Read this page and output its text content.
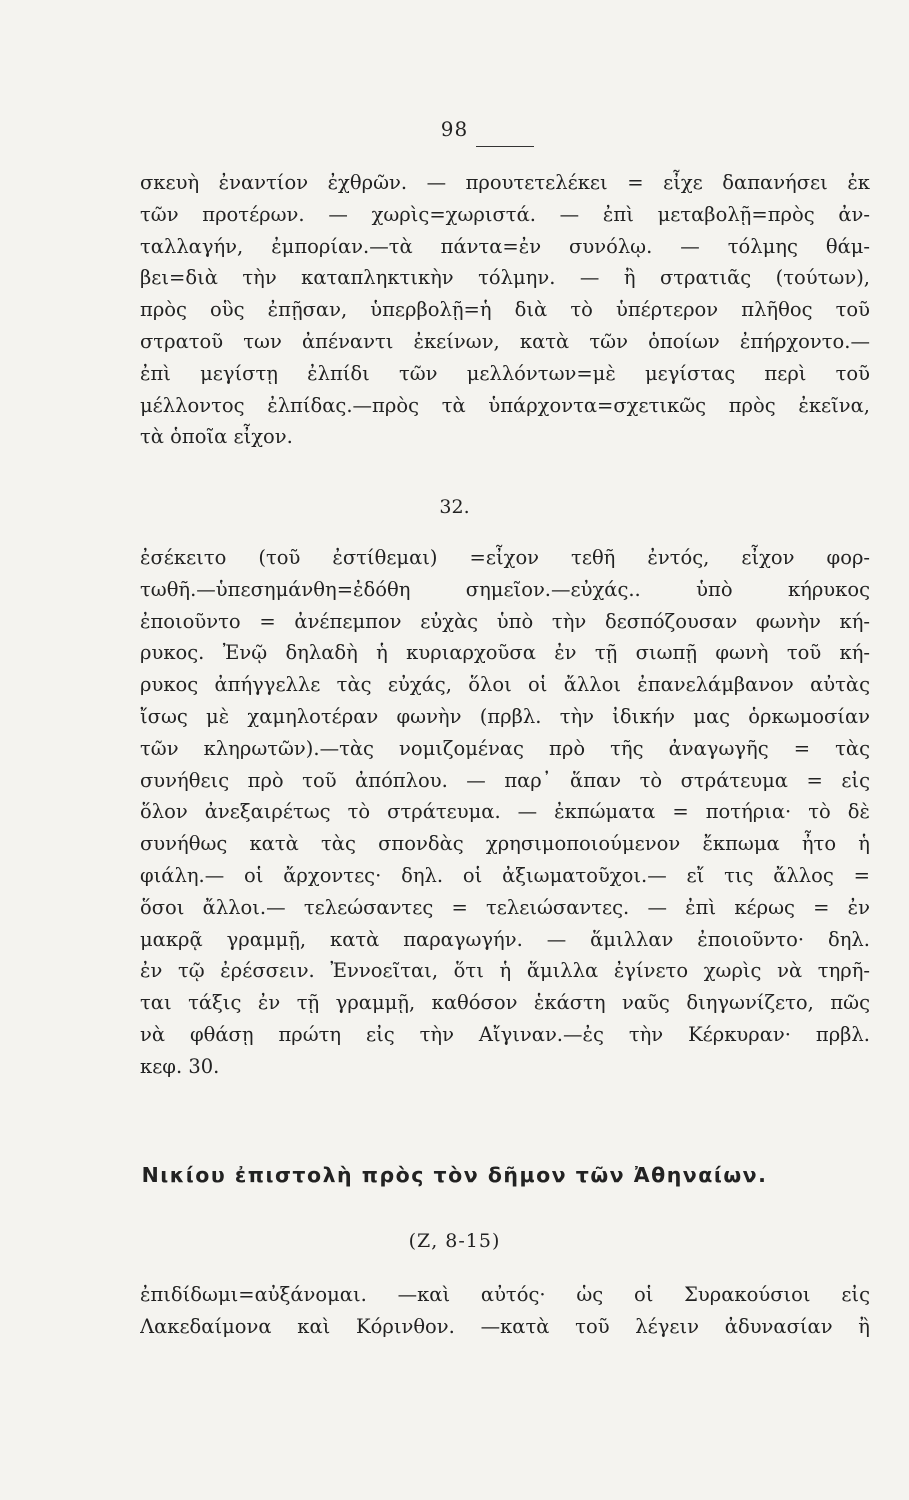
98
σκευὴ ἐναντίον ἐχθρῶν. — προυτετελέκει = εἶχε δαπανήσει ἐκ
τῶν προτέρων. — χωρὶς=χωριστά. — ἐπὶ μεταβολῇ=πρὸς ἀν-
ταλλαγήν, ἐμπορίαν.—τὰ πάντα=ἐν συνόλῳ. — τόλμης θάμ-
βει=διὰ τὴν καταπληκτικὴν τόλμην. — ἢ στρατιᾶς (τούτων),
πρὸς οὓς ἐπῇσαν, ὑπερβολῇ=ἡ διὰ τὸ ὑπέρτερον πλῆθος τοῦ
στρατοῦ των ἀπέναντι ἐκείνων, κατὰ τῶν ὁποίων ἐπήρχοντο.—
ἐπὶ μεγίστῃ ἐλπίδι τῶν μελλόντων=μὲ μεγίστας περὶ τοῦ
μέλλοντος ἐλπίδας.—πρὸς τὰ ὑπάρχοντα=σχετικῶς πρὸς ἐκεῖνα,
τὰ ὁποῖα εἶχον.
32.
ἐσέκειτο (τοῦ ἐστίθεμαι) =εἶχον τεθῆ ἐντός, εἶχον φορ-
τωθῆ.—ὑπεσημάνθη=ἐδόθη σημεῖον.—εὐχάς.. ὑπὸ κήρυκος
ἐποιοῦντο = ἀνέπεμπον εὐχὰς ὑπὸ τὴν δεσπόζουσαν φωνὴν κή-
ρυκος. Ἐνῷ δηλαδὴ ἡ κυριαρχοῦσα ἐν τῇ σιωπῇ φωνὴ τοῦ κή-
ρυκος ἀπήγγελλε τὰς εὐχάς, ὅλοι οἱ ἄλλοι ἐπανελάμβανον αὐτὰς
ἴσως μὲ χαμηλοτέραν φωνὴν (πρβλ. τὴν ἰδικήν μας ὁρκωμοσίαν
τῶν κληρωτῶν).—τὰς νομιζομένας πρὸ τῆς ἀναγωγῆς = τὰς
συνήθεις πρὸ τοῦ ἀπόπλου. — παρ᾽ ἅπαν τὸ στράτευμα = εἰς
ὅλον ἀνεξαιρέτως τὸ στράτευμα. — ἐκπώματα = ποτήρια· τὸ δὲ
συνήθως κατὰ τὰς σπονδὰς χρησιμοποιούμενον ἔκπωμα ἦτο ἡ
φιάλη.— οἱ ἄρχοντες· δηλ. οἱ ἀξιωματοῦχοι.— εἴ τις ἄλλος =
ὅσοι ἄλλοι.— τελεώσαντες = τελειώσαντες. — ἐπὶ κέρως = ἐν
μακρᾷ γραμμῇ, κατὰ παραγωγήν. — ἅμιλλαν ἐποιοῦντο· δηλ.
ἐν τῷ ἐρέσσειν. Ἐννοεῖται, ὅτι ἡ ἅμιλλα ἐγίνετο χωρὶς νὰ τηρῆ-
ται τάξις ἐν τῇ γραμμῇ, καθόσον ἑκάστη ναῦς διηγωνίζετο, πῶς
νὰ φθάσῃ πρώτη εἰς τὴν Αἴγιναν.—ἐς τὴν Κέρκυραν· πρβλ.
κεφ. 30.
Νικίου ἐπιστολὴ πρὸς τὸν δῆμον τῶν Ἀθηναίων.
(Ζ, 8-15)
ἐπιδίδωμι=αὐξάνομαι. —καὶ αὐτός· ὡς οἱ Συρακούσιοι εἰς
Λακεδαίμονα καὶ Κόρινθον. —κατὰ τοῦ λέγειν ἀδυνασίαν ἢ
